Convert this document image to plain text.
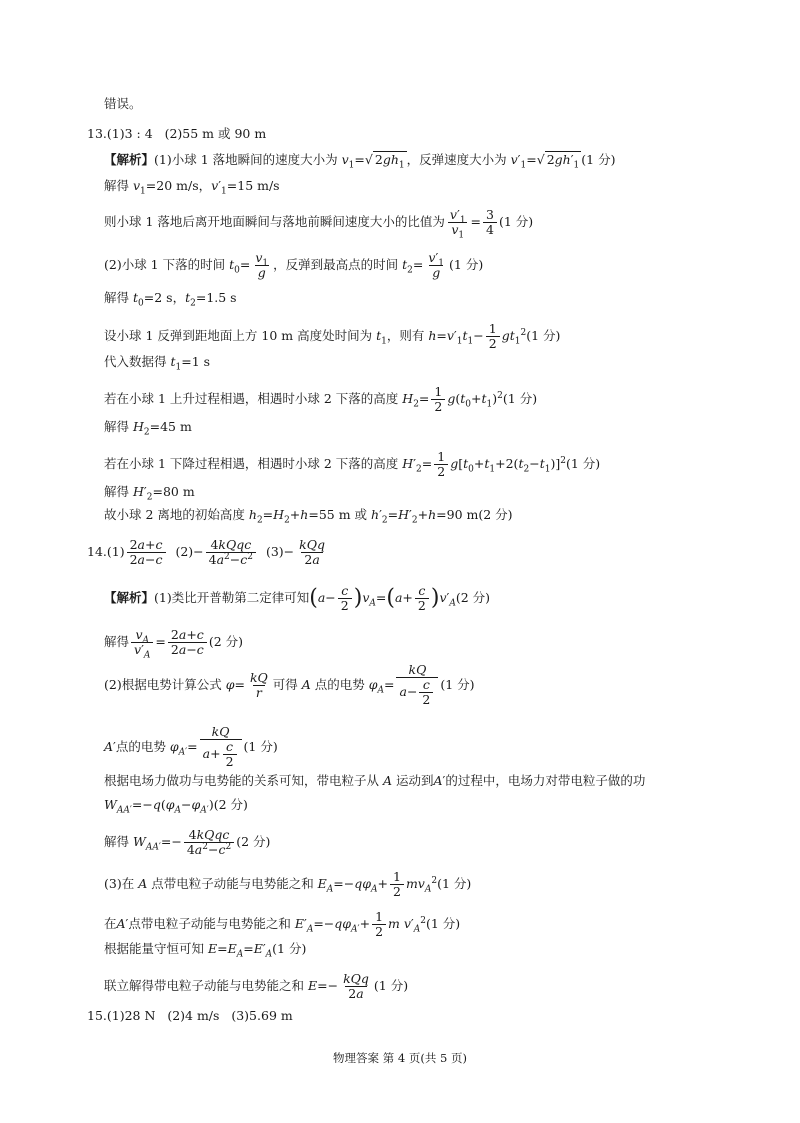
错误。
13.(1)3 : 4   (2)55 m 或 90 m
【解析】(1)小球 1 落地瞬间的速度大小为 $v_1=√$ $2gh_1$ ，反弹速度大小为 $v'_1=√$ $2gh'_1$ (1 分)
解得 $v_1=20$ m/s，$v'_1=15$ m/s
则小球 1 落地后离开地面瞬间与落地前瞬间速度大小的比值为 $\frac{v'_1}{v_1} = \frac{3}{4} (1$ 分)
(2)小球 1 下落的时间 $t_0= \frac{v_1}{g}$ ，反弹到最高点的时间 $t_2= \frac{v'_1}{g} (1$ 分)
解得 $t_0=2$ s，$t_2=1.5$ s
设小球 1 反弹到距地面上方 10 m 高度处时间为 $t_1$，则有 $h=v'_1t_1- \frac{1}{2} gt_1^2(1$ 分)
代入数据得 $t_1=1$ s
若在小球 1 上升过程相遇，相遇时小球 2 下落的高度 $H_2= \frac{1}{2} g(t_0+t_1)^2(1$ 分)
解得 $H_2=45$ m
若在小球 1 下降过程相遇，相遇时小球 2 下落的高度 $H'_2= \frac{1}{2} g[t_0+t_1+2(t_2-t_1)]^2(1$ 分)
解得 $H'_2=80$ m
故小球 2 离地的初始高度 $h_2=H_2+h=55$ m 或 $h'_2=H'_2+h=90$ m(2 分)
$14.(1) \frac{2a+c}{2a-c} (2)- \frac{\text{4kQqc}}{4a^2-c^2} (3)- \frac{\text{kQq}}{2a}$
【解析】(1)类比开普勒第二定律可知$(a- \frac{c}{2} )v_A=(a+ \frac{c}{2} )v'_A(2$ 分)
解得 $\frac{v_A}{v'_A} = \frac{2a+c}{2a-c} (2$ 分)
(2)根据电势计算公式 $\varphi= \frac{kQ}{r}$ 可得 A 点的电势 $\varphi_A= \frac{kQ}{a- \frac{c}{2}} (1$ 分)
A′点的电势 $\varphi_{A'}= \frac{kQ}{a+ \frac{c}{2}} (1$ 分)
根据电场力做功与电势能的关系可知，带电粒子从 A 运动到A′的过程中，电场力对带电粒子做的功
$W_{AA'}=-q(\varphi_A-\varphi_{A'})(2$ 分)
解得 $W_{AA'}=- \frac{\text{4kQqc}}{4a^2-c^2} (2$ 分)
(3)在 A 点带电粒子动能与电势能之和 $E_A=-q\varphi_A+ \frac{1}{2} mv_A^2(1$ 分)
在A′点带电粒子动能与电势能之和 $E'_A=-q\varphi_{A'}+ \frac{1}{2}$ m $v'_A^2(1$ 分)
根据能量守恒可知 $E=E_A=E'_A(1$ 分)
联立解得带电粒子动能与电势能之和 $E=- \frac{\text{kQq}}{2a} (1$ 分)
15.(1)28 N   (2)4 m/s   (3)5.69 m
物理答案 第 4 页(共 5 页)
